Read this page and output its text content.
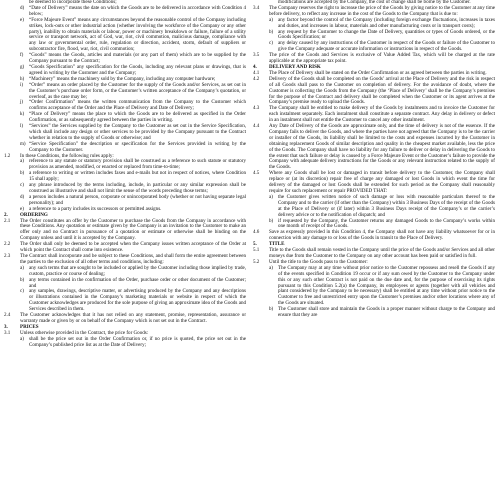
be deemed to incorporate these Conditions;
d) “Date of Delivery” means the date on which the Goods are to be delivered in accordance with Condition 4 below;
e)	“Force Majeure Event” means any circumstances beyond the reasonable control of the Company including strikes, lock-outs or other industrial action (whether involving the workforce of the Company or any other party), inability to obtain materials or labour, power or machinery breakdown or failure, failure of a utility service or transport network, act of God, war, riot, civil commotion, malicious damage, compliance with any law or governmental order, rule, regulation or direction, accident, storm, default of suppliers or subcontractor fire, flood, war, riot, civil commotion;
f)	“Goods” means the Goods, articles and materials (or any part of them) which are to be supplied by the Company pursuant to the Contract;
g) “Goods Specification” any specification for the Goods, including any relevant plans or drawings, that is agreed in writing by the Customer and the Company;
h) “Machinery” means the machinery sold by the Company, including any computer hardware;
i)	“Order” means an order placed by the Customer for the supply of the Goods and/or Services, as set out in the Customer’s purchase order form, or the Customer’s written acceptance of the Company’s quotation, or overleaf, as the case may be;
j)	“Order Confirmation” means the written communication from the Company to the Customer which confirms acceptance of the Order and the Place of Delivery and Date of Delivery;
k) “Place of Delivery” means the place to which the Goods are to be delivered as specified in the Order Confirmation, or as subsequently agreed between the parties in writing.
l)	“Services” the Services supplied by the Company to the Customer as set out in the Service Specification, which shall include any design or other services to be provided by the Company pursuant to the Contract whether in relation to the supply of Goods or otherwise; and
m) “Service Specification” the description or specification for the Services provided in writing by the Company to the Customer.
1.2	In these Conditions, the following rules apply:
a)	reference to any statute or statutory provision shall be construed as a reference to such statute or statutory provision as amended, modified, or enacted or replaced from time-to-time;
b) a reference to writing or written includes faxes and e-mails but not in respect of notices, where Condition 15 shall apply;
c)	any phrase introduced by the terms including, include, in particular or any similar expression shall be construed as illustrative and shall not limit the sense of the words preceding those terms;
d) a person includes a natural person, corporate or unincorporated body (whether or not having separate legal personality); and
e)	a reference to a party includes its successors or permitted assigns.
2.	ORDERING
2.1	The Order constitutes an offer by the Customer to purchase the Goods from the Company in accordance with these Conditions. Any quotation or estimate given by the Company is an invitation to the Customer to make an offer only and no Contract in pursuance of a quotation or estimate or otherwise shall be binding on the Company unless and until it is accepted by the Company.
2.2	The Order shall only be deemed to be accepted when the Company issues written acceptance of the Order at which point the Contract shall come into existence.
2.3	The Contract shall incorporate and be subject to these Conditions, and shall form the entire agreement between the parties to the exclusion of all other terms and conditions, including:
a)	any such terms that are sought to be included or applied by the Customer including those implied by trade, custom, practice or course of dealing;
b) any terms contained in the confirmation of the Order, purchase order or other document of the Customer; and
c)	any samples, drawings, descriptive matter, or advertising produced by the Company and any descriptions or illustrations contained in the Company’s marketing materials or website in respect of which the Customer acknowledges are produced for the sole purpose of giving an approximate idea of the Goods and Services described in them.
2.4	The Customer acknowledges that it has not relied on any statement, promise, representation, assurance or warranty made or given by or on behalf of the Company which is not set out in the Contract.
3.	PRICES
3.1	Unless otherwise provided in the Contract, the price for Goods:
a)	shall be the price set out in the Order Confirmation or, if no price is quoted, the price set out in the Company’s published price list as at the Date of Delivery;
modifications are accepted by the Company, the cost of change shall be borne by the Customer.
3.4	The Company reserves the right to increase the price of the Goods by giving notice to the Customer at any time before delivery, to reflect any increase in the cost of the Goods to the Company that is due to:
a)	any factor beyond the control of the Company (including foreign exchange fluctuations, increases in taxes and duties, and increases in labour, materials and other manufacturing costs or in transport costs);
b) any request by the Customer to change the Date of Delivery, quantities or types of Goods ordered, or the Goods Specification; or
c)	any delay caused by any instructions of the Customer in respect of the Goods or failure of the Customer to give the Company adequate or accurate information or instructions in respect of the Goods.
3.5	The price of the Goods and Services is exclusive of Value Added Tax, which will be charged at the rate applicable at the appropriate tax point.
4.	DELIVERY AND RISK
4.1	The Place of Delivery shall be stated on the Order Confirmation or as agreed between the parties in writing.
4.2	Delivery of the Goods shall be completed on the Goods’ arrival at the Place of Delivery and the risk in respect of all Goods shall pass to the Customer on completion of delivery. For the avoidance of doubt, where the Customer is collecting the Goods from the Company (the ‘Place of Delivery’ shall be the Company’s premises for the purpose of the Contract and delivery shall be completed when the Customer or its agent arrives at the Company’s premise ready to upload the Goods.
4.3	The Company shall be entitled to make delivery of the Goods by instalments and to invoice the Customer for each instalment separately. Each instalment shall constitute a separate contract. Any delay in delivery or defect in an instalment shall not entitle the Customer to cancel any other instalment.
4.4	Any Date of Delivery of the Goods are approximate only, and the time of delivery is not of the essence. If the Company fails to deliver the Goods, and where the parties have not agreed that the Company is to be the carrier or installer of the Goods, its liability shall be limited to the costs and expenses incurred by the Customer in obtaining replacement Goods of similar description and quality in the cheapest market available, less the price of the Goods. The Company shall have no liability for any failure to deliver or delay in delivering the Goods to the extent that such failure or delay is caused by a Force Majeure Event or the Customer’s failure to provide the Company with adequate delivery instructions for the Goods or any relevant instruction related to the supply of the Goods.
4.5	Where any Goods shall be lost or damaged in transit before delivery to the Customer, the Company shall replace or (at its discretion) repair free of charge any damaged or lost Goods in which event the time for delivery of the damaged or lost Goods shall be extended for such period as the Company shall reasonably require for such replacement or repair PROVIDED THAT:
a)	the Customer gives written notice of such damage or loss with reasonable particulars thereof to the Company and to the carrier (if other than the Company) within 3 Business Days of the receipt of the Goods at the Place of Delivery or (if later) within 3 Business Days receipt of the Company’s or the carrier’s delivery advice or to the notification of dispatch; and
b) if requested by the Company, the Customer returns any damaged Goods to the Company’s works within one month of receipt of the Goods.
4.6	Save as expressly provided in this Condition 4, the Company shall not have any liability whatsoever for or in connection with any damage to or loss of the Goods in transit to the Place of Delivery.
5.	TITLE
5.1	Title to the Goods shall remain vested in the Company until the price of the Goods and/or Services and all other moneys due from the Customer to the Company on any other account has been paid or satisfied in full.
5.2	Until the title to the Goods pass to the Customer:
a)	The Company may at any time without prior notice to the Customer repossess and resell the Goods if any of the events specified in Condition 19 occur or if any sum owed by the Customer to the Company under this or any such other Contract is not paid on the due date and, for the purpose of exercising its rights pursuant to this Condition 5.2(a) the Company, its employees or agents (together with all vehicles and plant considered by the Company to be necessary) shall be entitled at any time without prior notice to the Customer to free and unrestricted entry upon the Customer’s premises and/or other locations where any of the Goods are situated.
b) The Customer shall store and maintain the Goods in a proper manner without charge to the Company and ensure that they are
